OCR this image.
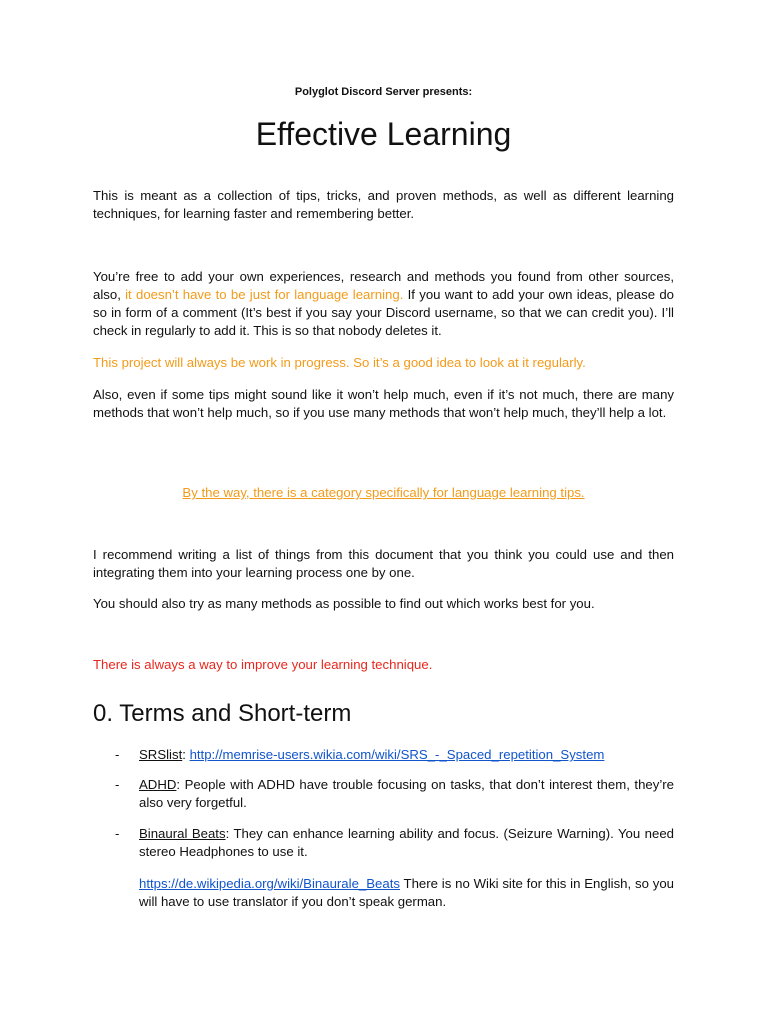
Polyglot Discord Server presents:
Effective Learning

This is meant as a collection of tips, tricks, and proven methods, as well as different learning techniques, for learning faster and remembering better.

You’re free to add your own experiences, research and methods you found from other sources, also, it doesn’t have to be just for language learning. If you want to add your own ideas, please do so in form of a comment (It’s best if you say your Discord username, so that we can credit you). I’ll check in regularly to add it. This is so that nobody deletes it.

This project will always be work in progress. So it’s a good idea to look at it regularly.

Also, even if some tips might sound like it won’t help much, even if it’s not much, there are many methods that won’t help much, so if you use many methods that won’t help much, they’ll help a lot.

By the way, there is a category specifically for language learning tips.

I recommend writing a list of things from this document that you think you could use and then integrating them into your learning process one by one.

You should also try as many methods as possible to find out which works best for you.

There is always a way to improve your learning technique.

0. Terms and Short-term
- SRSlist: http://memrise-users.wikia.com/wiki/SRS_-_Spaced_repetition_System
- ADHD: People with ADHD have trouble focusing on tasks, that don’t interest them, they’re also very forgetful.
- Binaural Beats: They can enhance learning ability and focus. (Seizure Warning). You need stereo Headphones to use it.
https://de.wikipedia.org/wiki/Binaurale_Beats There is no Wiki site for this in English, so you will have to use translator if you don’t speak german.
